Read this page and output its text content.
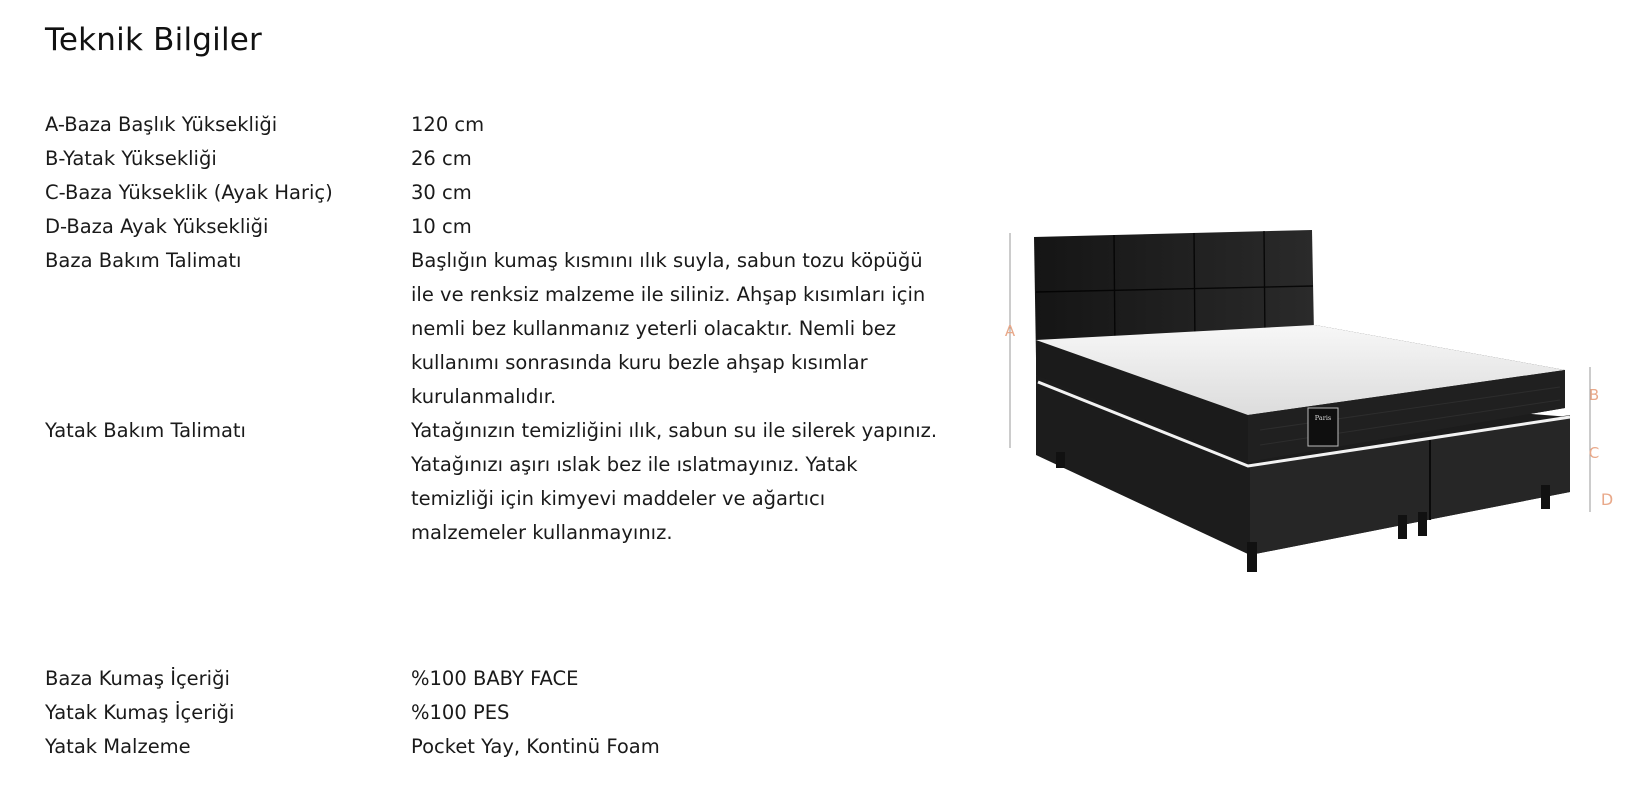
Teknik Bilgiler
A-Baza Başlık Yüksekliği	120 cm
B-Yatak Yüksekliği	26 cm
C-Baza Yükseklik (Ayak Hariç)	30 cm
D-Baza Ayak Yüksekliği	10 cm
Baza Bakım Talimatı	Başlığın kumaş kısmını ılık suyla, sabun tozu köpüğü ile ve renksiz malzeme ile siliniz. Ahşap kısımları için nemli bez kullanmanız yeterli olacaktır. Nemli bez kullanımı sonrasında kuru bezle ahşap kısımlar kurulanmalıdır.
Yatak Bakım Talimatı	Yatağınızın temizliğini ılık, sabun su ile silerek yapınız. Yatağınızı aşırı ıslak bez ile ıslatmayınız. Yatak temizliği için kimyevi maddeler ve ağartıcı malzemeler kullanmayınız.
Baza Kumaş İçeriği	%100 BABY FACE
Yatak Kumaş İçeriği	%100 PES
Yatak Malzeme	Pocket Yay, Kontinü Foam
Paris
A
B
C
D
